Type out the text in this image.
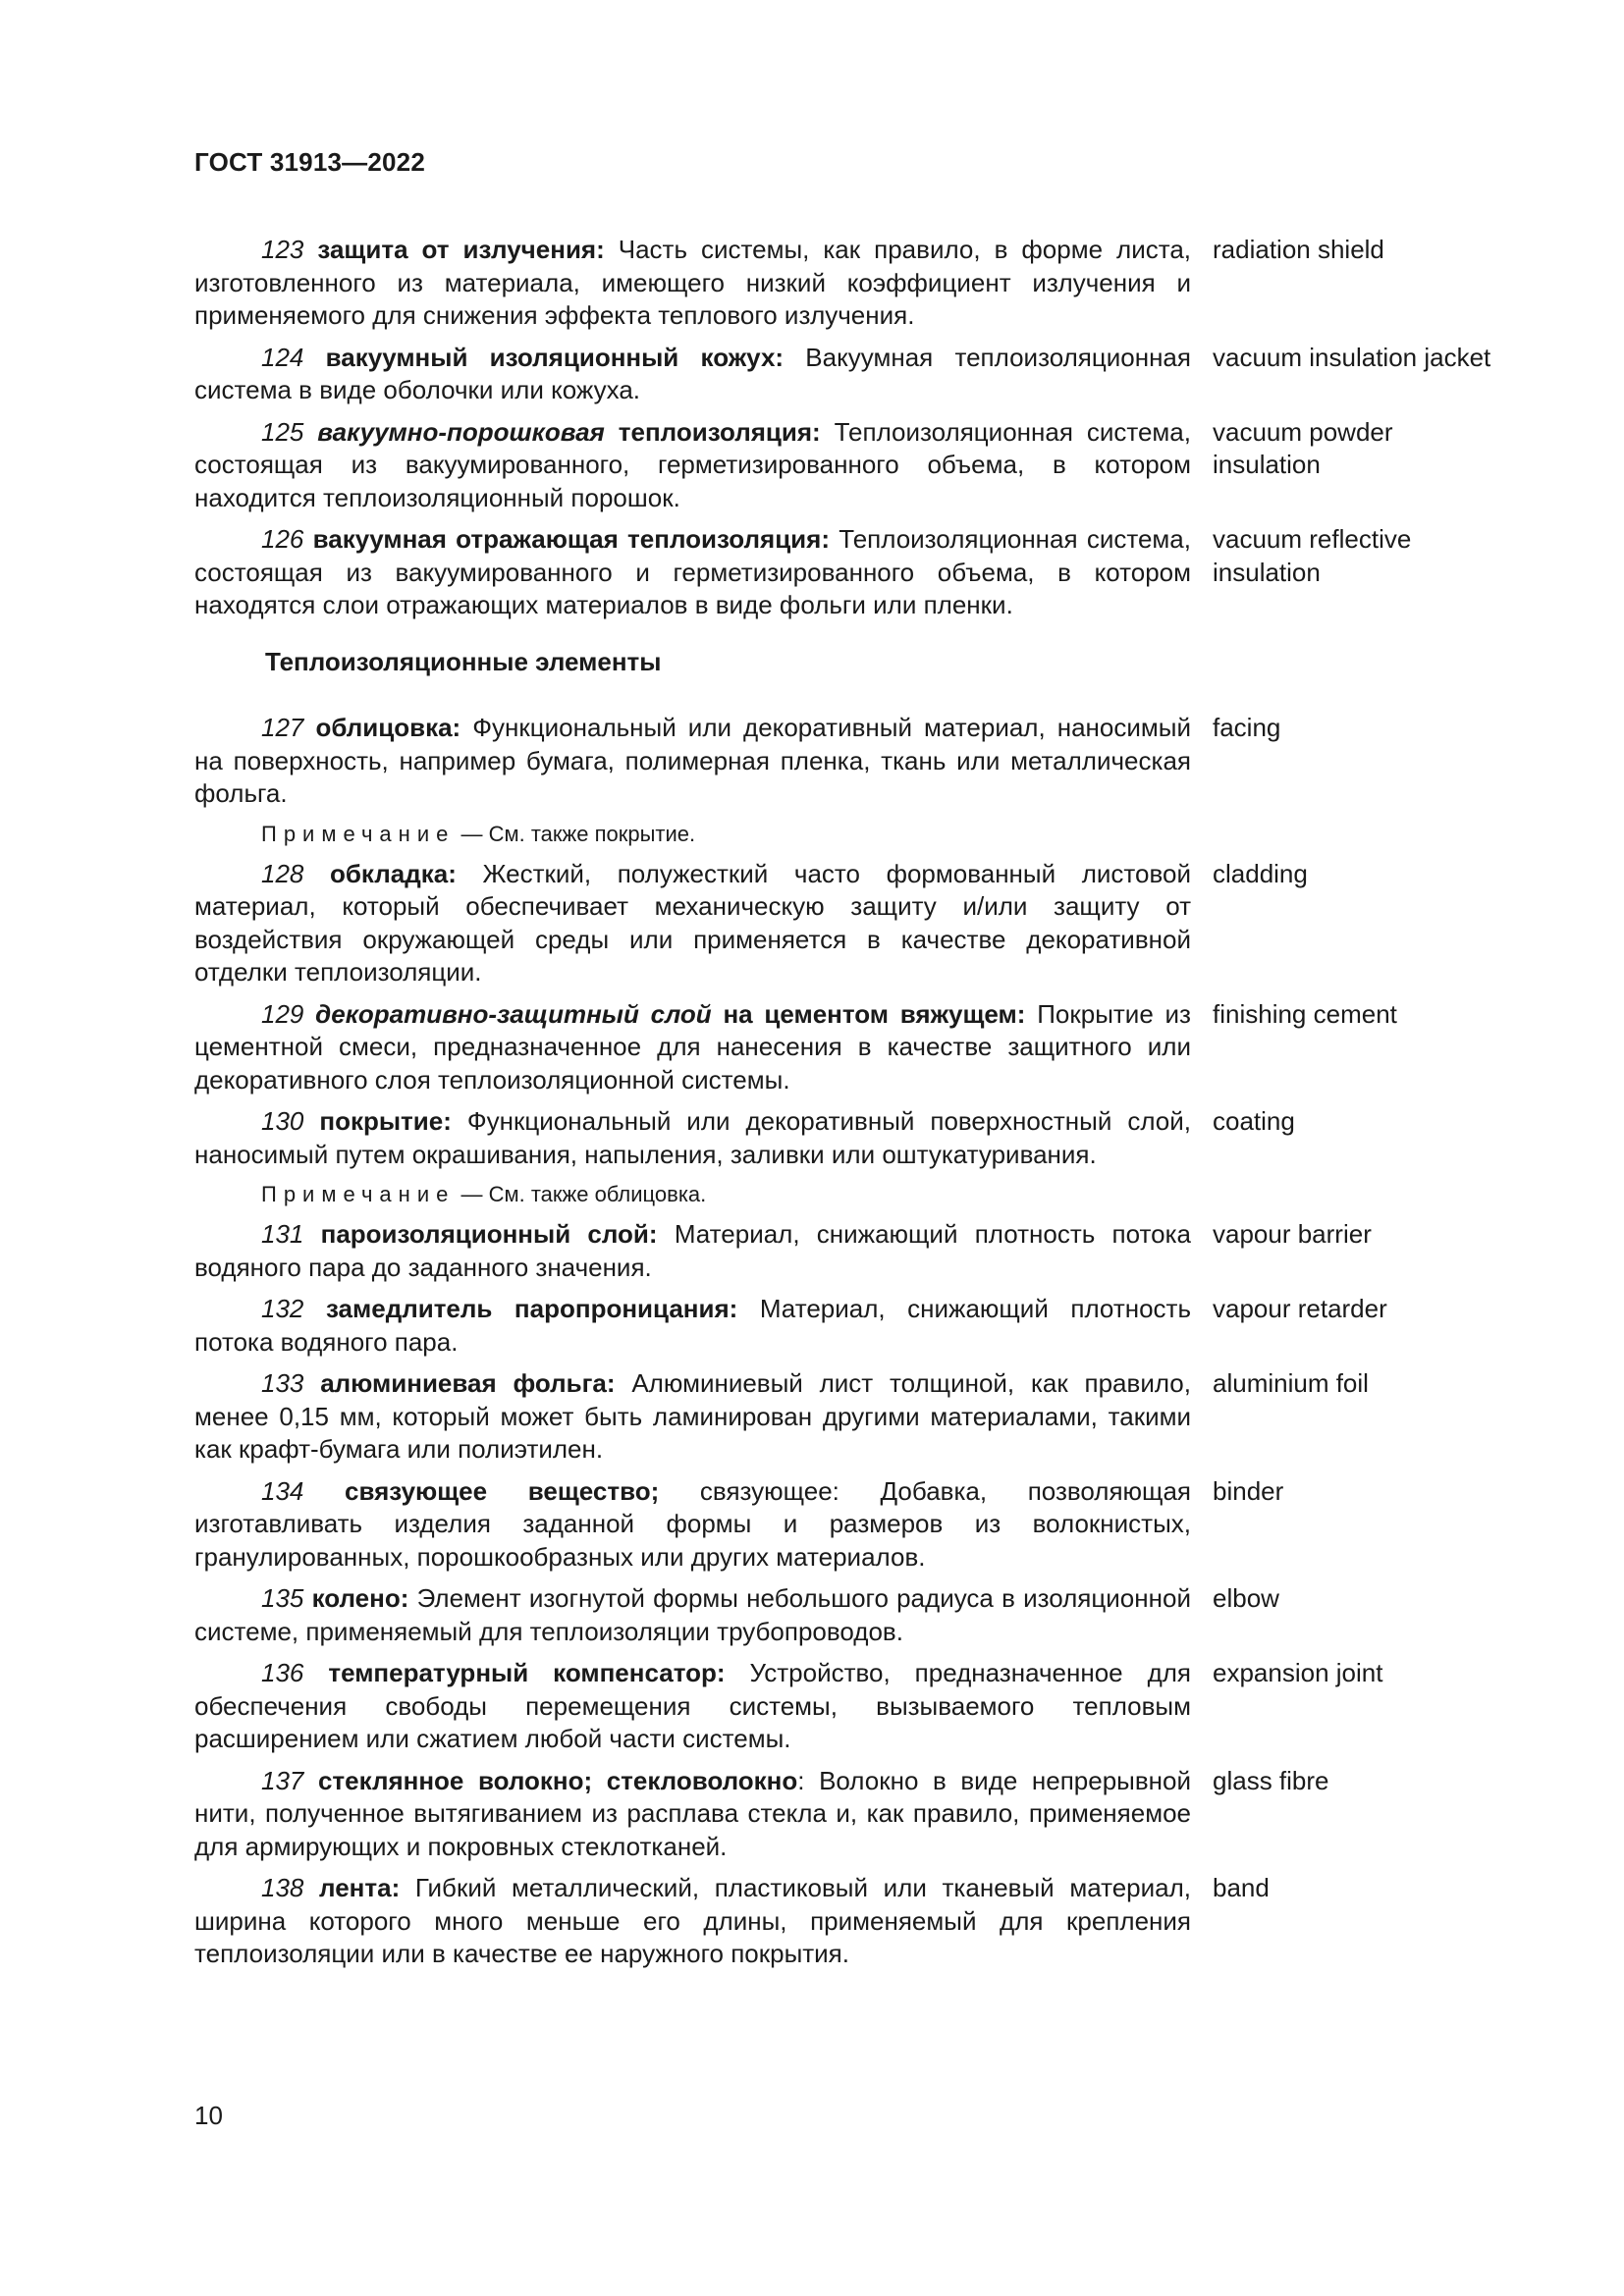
ГОСТ 31913—2022
123 защита от излучения: Часть системы, как правило, в форме листа, изготовленного из материала, имеющего низкий коэффициент излучения и применяемого для снижения эффекта теплового излучения.
radiation shield
124 вакуумный изоляционный кожух: Вакуумная теплоизоляционная система в виде оболочки или кожуха.
vacuum insulation jacket
125 вакуумно-порошковая теплоизоляция: Теплоизоляционная система, состоящая из вакуумированного, герметизированного объема, в котором находится теплоизоляционный порошок.
vacuum powder
insulation
126 вакуумная отражающая теплоизоляция: Теплоизоляционная система, состоящая из вакуумированного и герметизированного объема, в котором находятся слои отражающих материалов в виде фольги или пленки.
vacuum reflective
insulation
Теплоизоляционные элементы
127 облицовка: Функциональный или декоративный материал, наносимый на поверхность, например бумага, полимерная пленка, ткань или металлическая фольга.
facing
Примечание — См. также покрытие.
128 обкладка: Жесткий, полужесткий часто формованный листовой материал, который обеспечивает механическую защиту и/или защиту от воздействия окружающей среды или применяется в качестве декоративной отделки теплоизоляции.
cladding
129 декоративно-защитный слой на цементом вяжущем: Покрытие из цементной смеси, предназначенное для нанесения в качестве защитного или декоративного слоя теплоизоляционной системы.
finishing cement
130 покрытие: Функциональный или декоративный поверхностный слой, наносимый путем окрашивания, напыления, заливки или оштукатуривания.
coating
Примечание — См. также облицовка.
131 пароизоляционный слой: Материал, снижающий плотность потока водяного пара до заданного значения.
vapour barrier
132 замедлитель паропроницания: Материал, снижающий плотность потока водяного пара.
vapour retarder
133 алюминиевая фольга: Алюминиевый лист толщиной, как правило, менее 0,15 мм, который может быть ламинирован другими материалами, такими как крафт-бумага или полиэтилен.
aluminium foil
134 связующее вещество; связующее: Добавка, позволяющая изготавливать изделия заданной формы и размеров из волокнистых, гранулированных, порошкообразных или других материалов.
binder
135 колено: Элемент изогнутой формы небольшого радиуса в изоляционной системе, применяемый для теплоизоляции трубопроводов.
elbow
136 температурный компенсатор: Устройство, предназначенное для обеспечения свободы перемещения системы, вызываемого тепловым расширением или сжатием любой части системы.
expansion joint
137 стеклянное волокно; стекловолокно: Волокно в виде непрерывной нити, полученное вытягиванием из расплава стекла и, как правило, применяемое для армирующих и покровных стеклотканей.
glass fibre
138 лента: Гибкий металлический, пластиковый или тканевый материал, ширина которого много меньше его длины, применяемый для крепления теплоизоляции или в качестве ее наружного покрытия.
band
10
